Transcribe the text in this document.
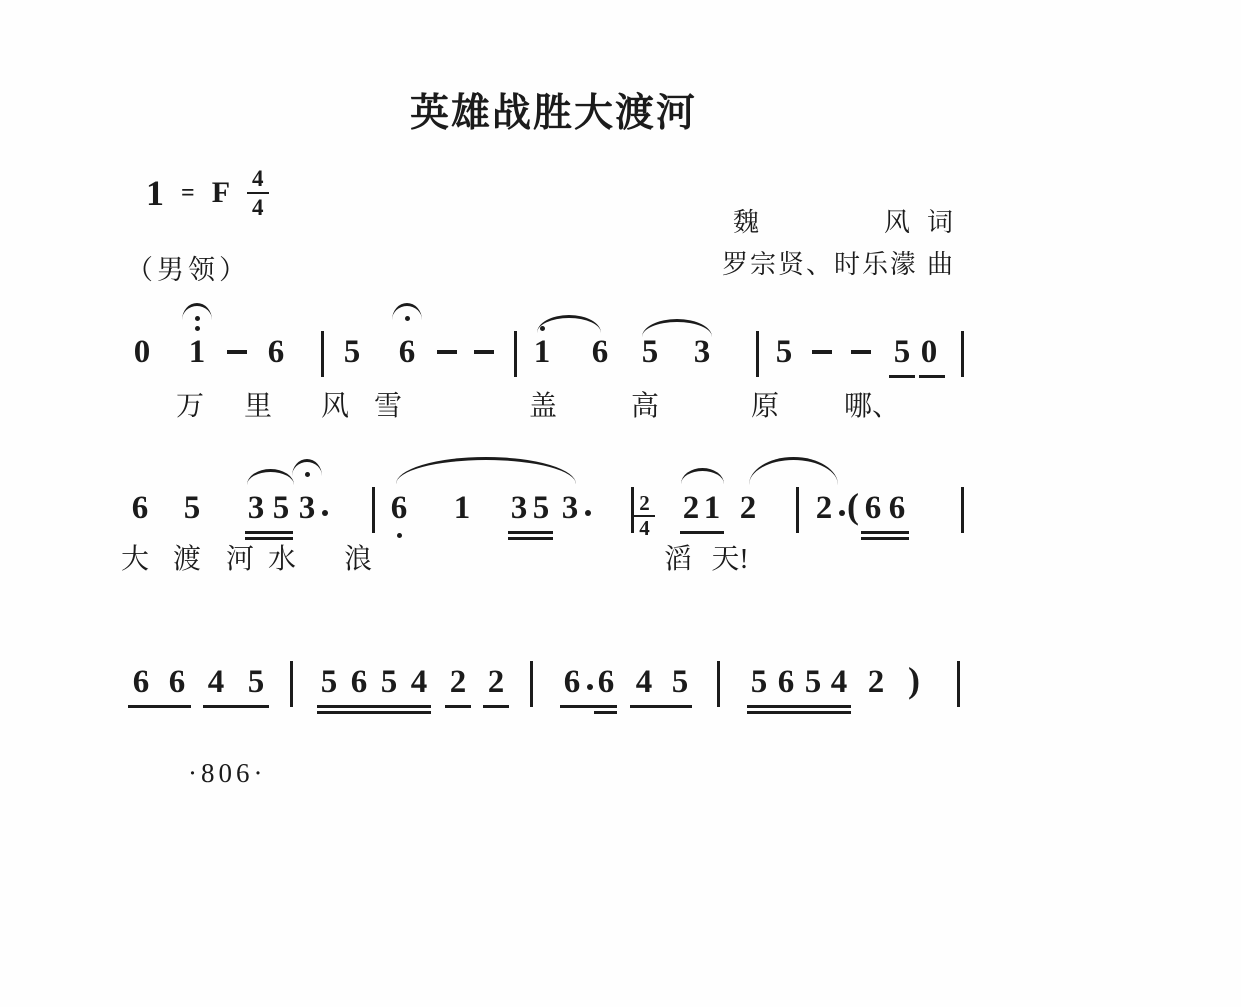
英雄战胜大渡河
1 = F $\frac{4}{4}$
（男领）
魏	风 词
罗宗贤、时乐濛 曲
0 1 6 5 6	1 6 5 3 5	5 0
万 里 风 雪	盖	高	原 哪、
6 5 3 5 3 6 1 3 5 3	$\frac{2}{4} 2$ 1 2 2 ( 6 6
大 渡 河 水 浪	滔 天!
6 6 4 5 5 6 5 4 2 2 6 6 4 5 5 6 5 4 2 )
·806·
